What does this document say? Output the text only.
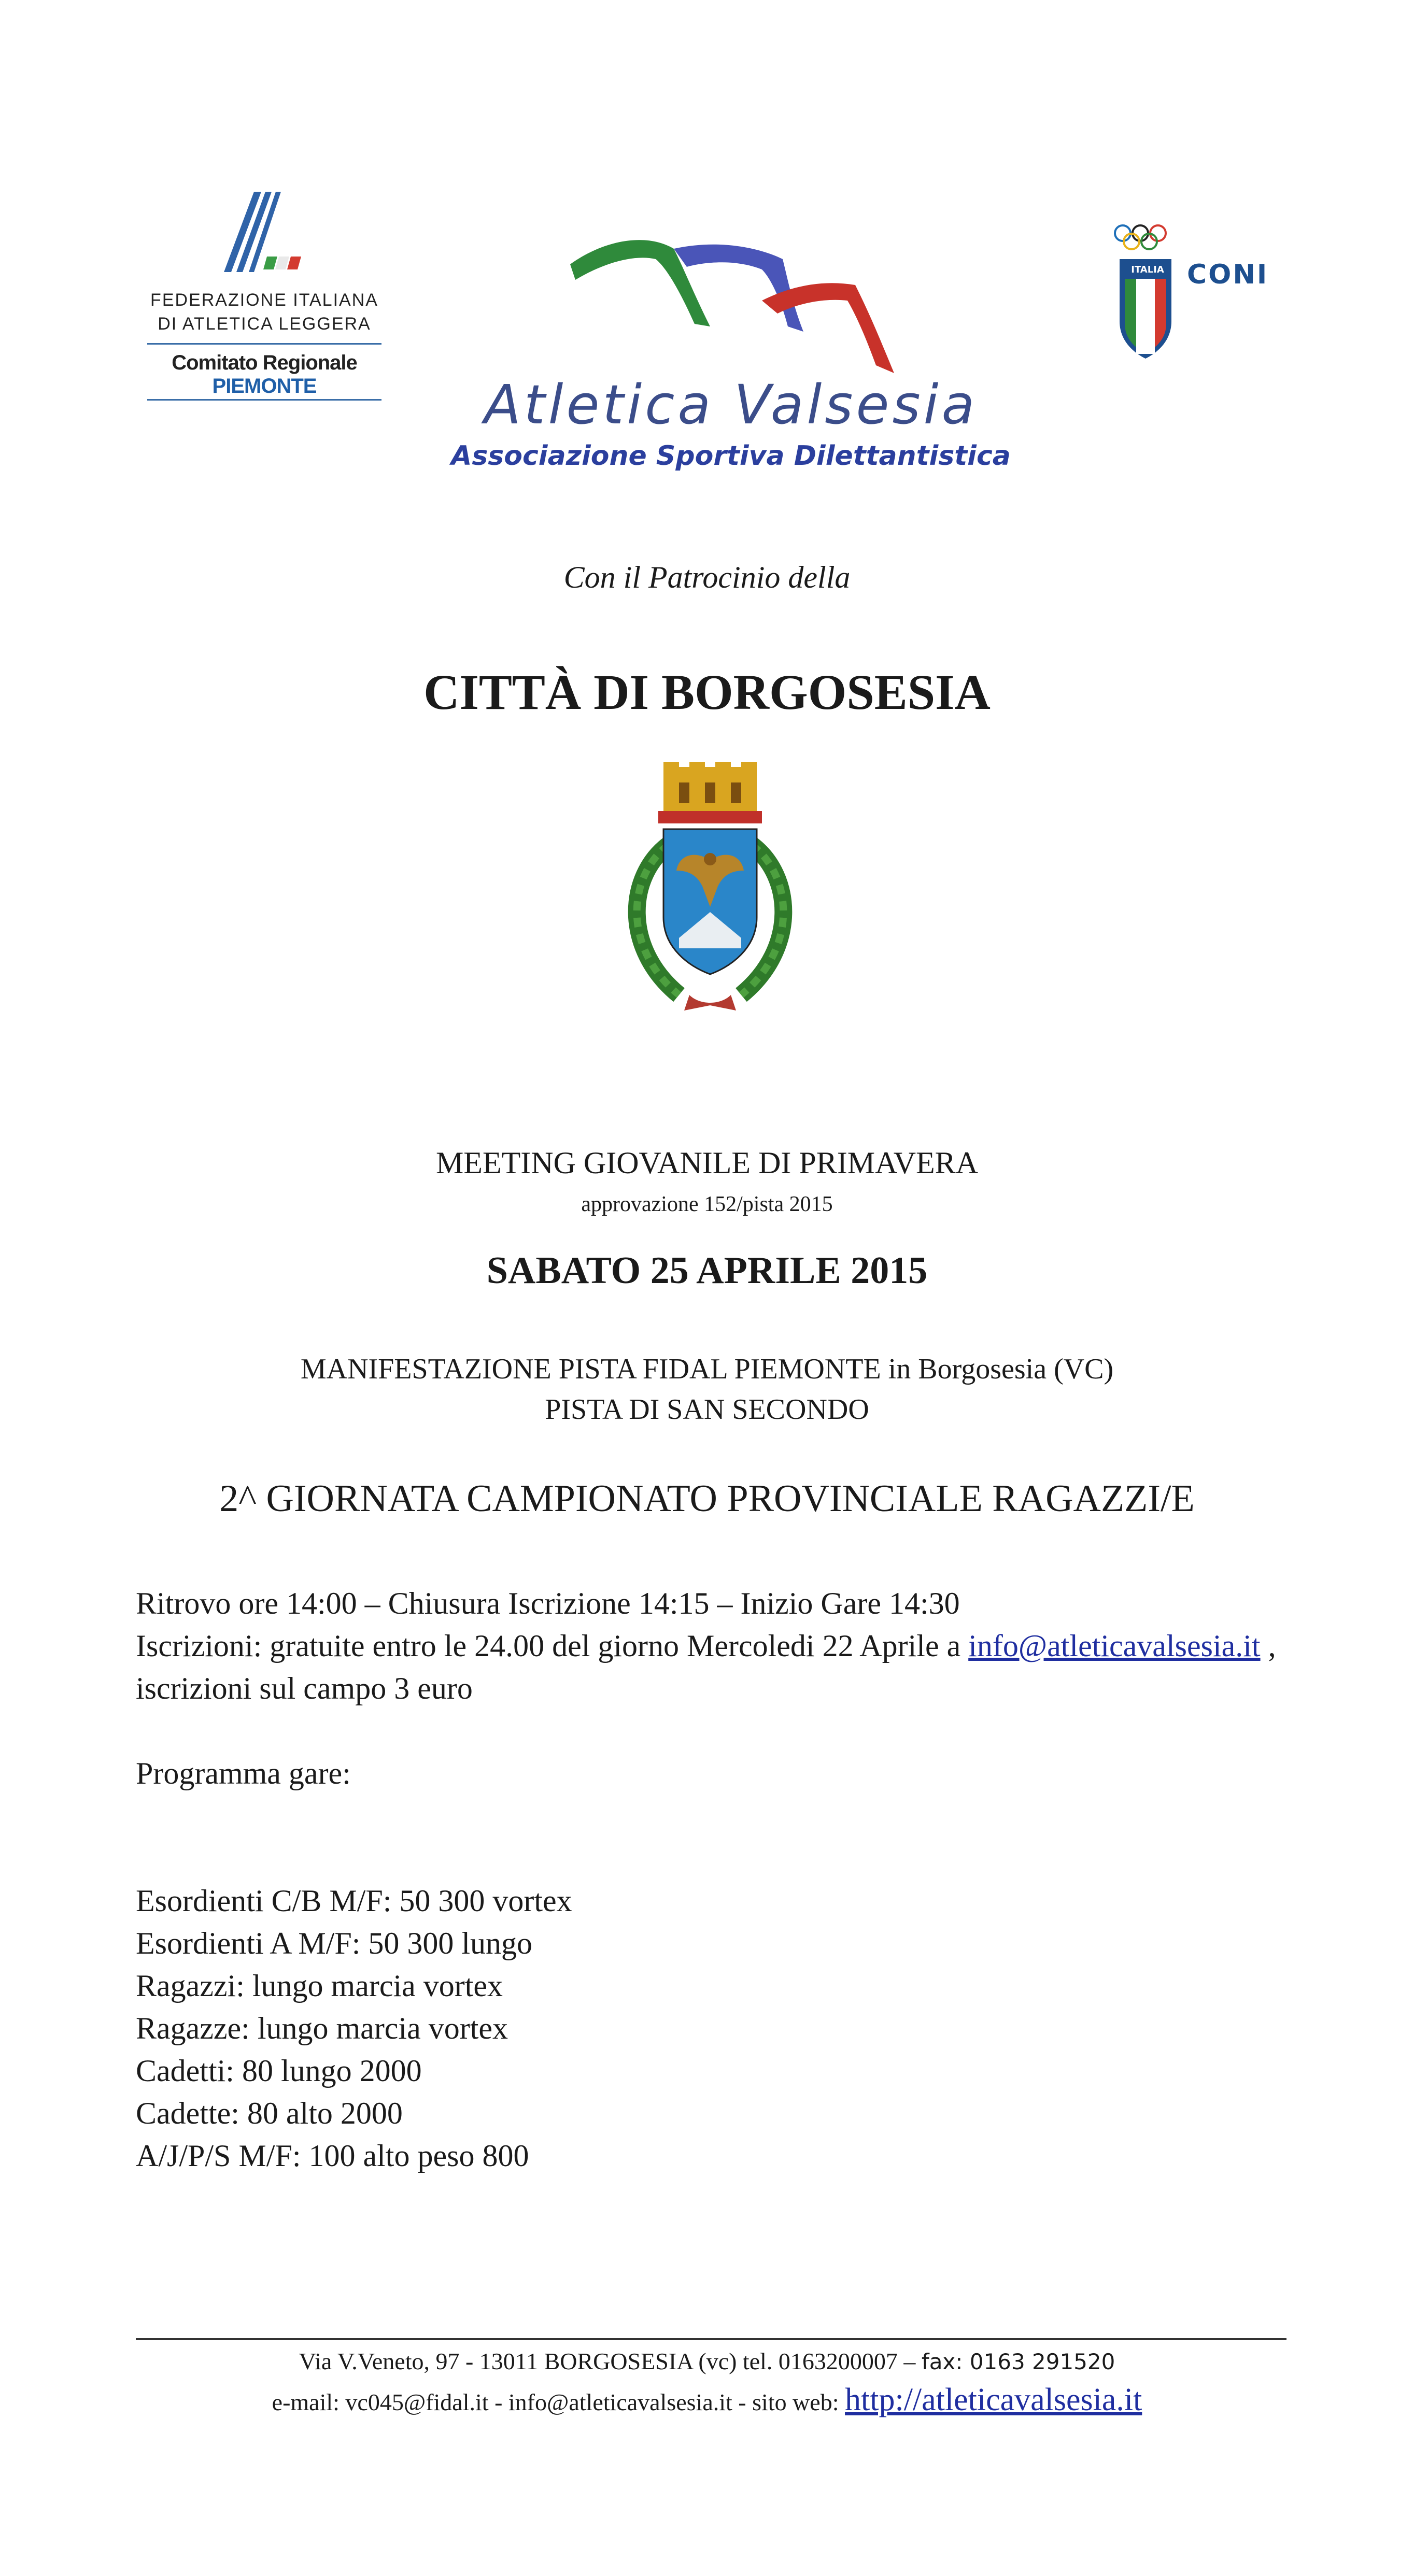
FEDERAZIONE ITALIANA
DI ATLETICA LEGGERA
Comitato Regionale PIEMONTE	Atletica Valsesia
Associazione Sportiva Dilettantistica
ITALIA CONI
Con il Patrocinio della
CITTÀ DI BORGOSESIA
MEETING GIOVANILE DI PRIMAVERA
approvazione 152/pista 2015
SABATO 25 APRILE 2015
MANIFESTAZIONE PISTA FIDAL PIEMONTE in Borgosesia (VC)
PISTA DI SAN SECONDO
2^ GIORNATA CAMPIONATO PROVINCIALE RAGAZZI/E
Ritrovo ore 14:00 – Chiusura Iscrizione 14:15 – Inizio Gare 14:30
Iscrizioni: gratuite entro le 24.00 del giorno Mercoledi 22 Aprile a info@atleticavalsesia.it ,
iscrizioni sul campo 3 euro
Programma gare:
Esordienti C/B M/F: 50 300 vortex
Esordienti A M/F: 50 300 lungo
Ragazzi: lungo marcia vortex
Ragazze: lungo marcia vortex
Cadetti: 80 lungo 2000
Cadette: 80 alto 2000
A/J/P/S M/F: 100 alto peso 800
Via V.Veneto, 97 - 13011 BORGOSESIA (vc) tel. 0163200007 – fax: 0163 291520
e-mail: vc045@fidal.it - info@atleticavalsesia.it - sito web: http://atleticavalsesia.it
